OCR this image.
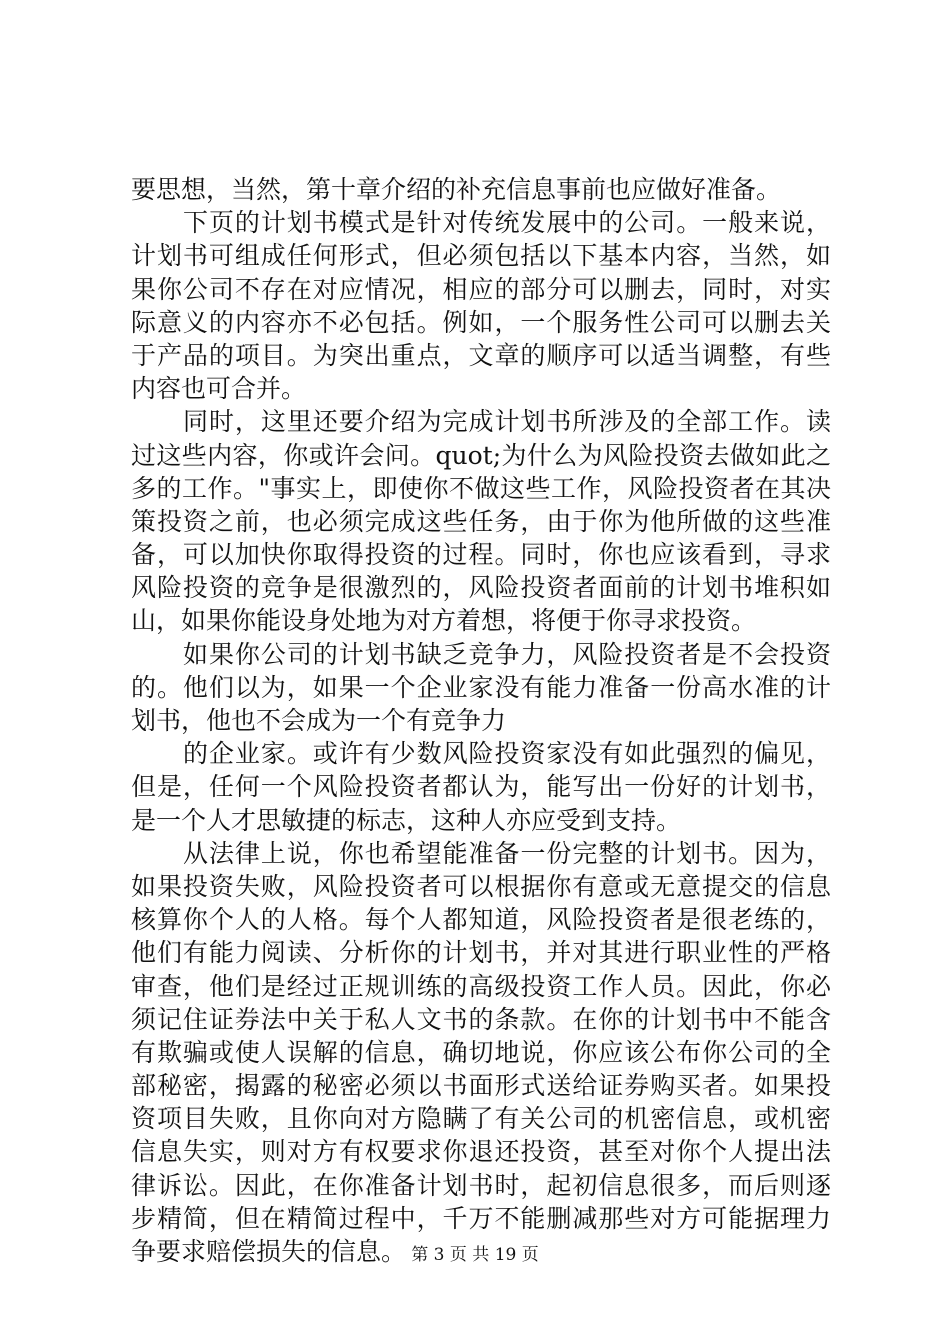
要思想，当然，第十章介绍的补充信息事前也应做好准备。
下页的计划书模式是针对传统发展中的公司。一般来说，
计划书可组成任何形式，但必须包括以下基本内容，当然，如
果你公司不存在对应情况，相应的部分可以删去，同时，对实
际意义的内容亦不必包括。例如，一个服务性公司可以删去关
于产品的项目。为突出重点，文章的顺序可以适当调整，有些
内容也可合并。
同时，这里还要介绍为完成计划书所涉及的全部工作。读
过这些内容，你或许会问。quot;为什么为风险投资去做如此之
多的工作。"事实上，即使你不做这些工作，风险投资者在其决
策投资之前，也必须完成这些任务，由于你为他所做的这些准
备，可以加快你取得投资的过程。同时，你也应该看到，寻求
风险投资的竞争是很激烈的，风险投资者面前的计划书堆积如
山，如果你能设身处地为对方着想，将便于你寻求投资。
如果你公司的计划书缺乏竞争力，风险投资者是不会投资
的。他们以为，如果一个企业家没有能力准备一份高水准的计
划书，他也不会成为一个有竞争力
的企业家。或许有少数风险投资家没有如此强烈的偏见，
但是，任何一个风险投资者都认为，能写出一份好的计划书，
是一个人才思敏捷的标志，这种人亦应受到支持。
从法律上说，你也希望能准备一份完整的计划书。因为，
如果投资失败，风险投资者可以根据你有意或无意提交的信息
核算你个人的人格。每个人都知道，风险投资者是很老练的，
他们有能力阅读、分析你的计划书，并对其进行职业性的严格
审查，他们是经过正规训练的高级投资工作人员。因此，你必
须记住证券法中关于私人文书的条款。在你的计划书中不能含
有欺骗或使人误解的信息，确切地说，你应该公布你公司的全
部秘密，揭露的秘密必须以书面形式送给证券购买者。如果投
资项目失败，且你向对方隐瞒了有关公司的机密信息，或机密
信息失实，则对方有权要求你退还投资，甚至对你个人提出法
律诉讼。因此，在你准备计划书时，起初信息很多，而后则逐
步精简，但在精简过程中，千万不能删减那些对方可能据理力
争要求赔偿损失的信息。 第 3 页 共 19 页
